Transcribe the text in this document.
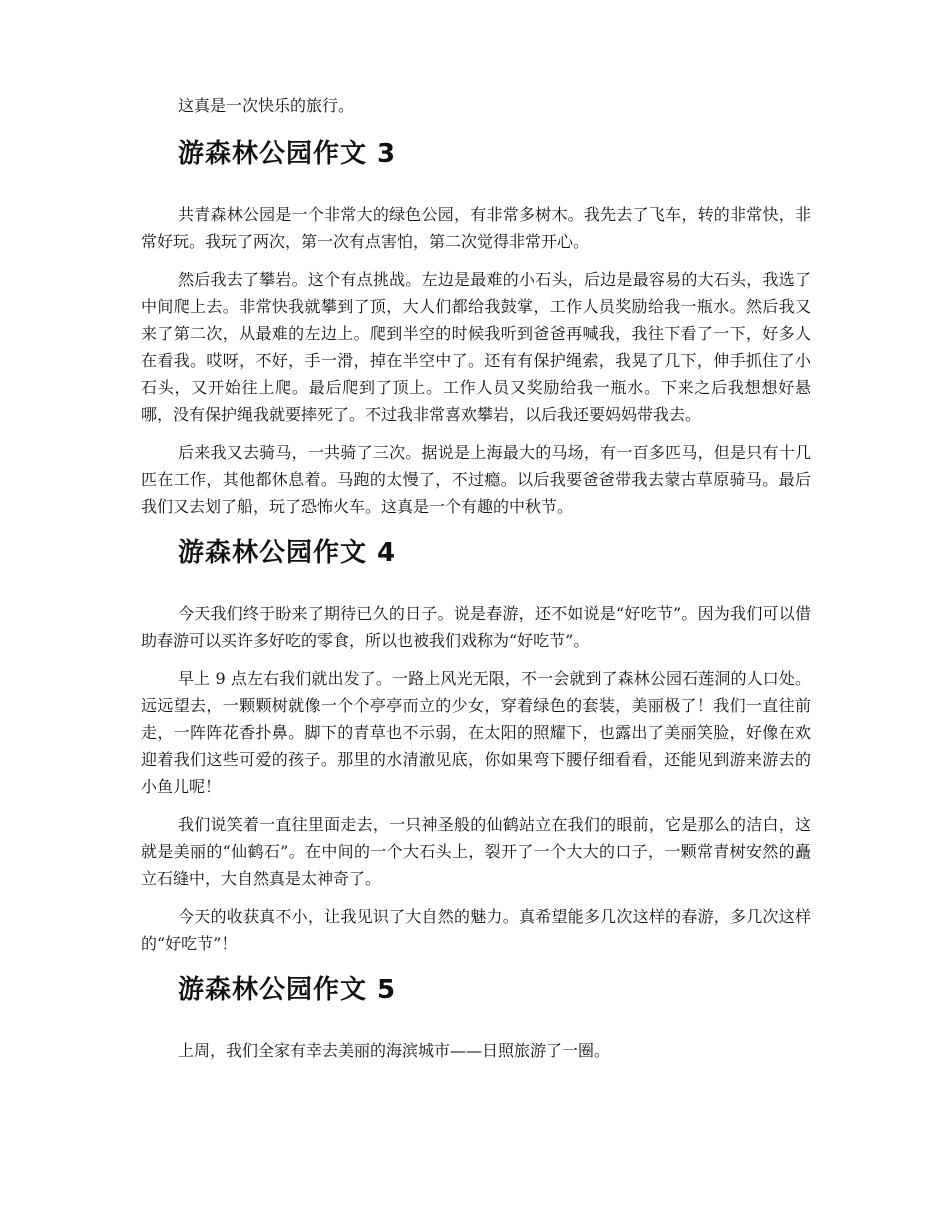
这真是一次快乐的旅行。

游森林公园作文 3

共青森林公园是一个非常大的绿色公园，有非常多树木。我先去了飞车，转的非常快，非常好玩。我玩了两次，第一次有点害怕，第二次觉得非常开心。

然后我去了攀岩。这个有点挑战。左边是最难的小石头，后边是最容易的大石头，我选了中间爬上去。非常快我就攀到了顶，大人们都给我鼓掌，工作人员奖励给我一瓶水。然后我又来了第二次，从最难的左边上。爬到半空的时候我听到爸爸再喊我，我往下看了一下，好多人在看我。哎呀，不好，手一滑，掉在半空中了。还有有保护绳索，我晃了几下，伸手抓住了小石头，又开始往上爬。最后爬到了顶上。工作人员又奖励给我一瓶水。下来之后我想想好悬哪，没有保护绳我就要摔死了。不过我非常喜欢攀岩，以后我还要妈妈带我去。

后来我又去骑马，一共骑了三次。据说是上海最大的马场，有一百多匹马，但是只有十几匹在工作，其他都休息着。马跑的太慢了，不过瘾。以后我要爸爸带我去蒙古草原骑马。最后我们又去划了船，玩了恐怖火车。这真是一个有趣的中秋节。

游森林公园作文 4

今天我们终于盼来了期待已久的日子。说是春游，还不如说是“好吃节”。因为我们可以借助春游可以买许多好吃的零食，所以也被我们戏称为“好吃节”。

早上 9 点左右我们就出发了。一路上风光无限，不一会就到了森林公园石莲洞的人口处。远远望去，一颗颗树就像一个个亭亭而立的少女，穿着绿色的套装，美丽极了！我们一直往前走，一阵阵花香扑鼻。脚下的青草也不示弱，在太阳的照耀下，也露出了美丽笑脸，好像在欢迎着我们这些可爱的孩子。那里的水清澈见底，你如果弯下腰仔细看看，还能见到游来游去的小鱼儿呢！

我们说笑着一直往里面走去，一只神圣般的仙鹤站立在我们的眼前，它是那么的洁白，这就是美丽的“仙鹤石”。在中间的一个大石头上，裂开了一个大大的口子，一颗常青树安然的矗立石缝中，大自然真是太神奇了。

今天的收获真不小，让我见识了大自然的魅力。真希望能多几次这样的春游，多几次这样的“好吃节”！

游森林公园作文 5

上周，我们全家有幸去美丽的海滨城市——日照旅游了一圈。
